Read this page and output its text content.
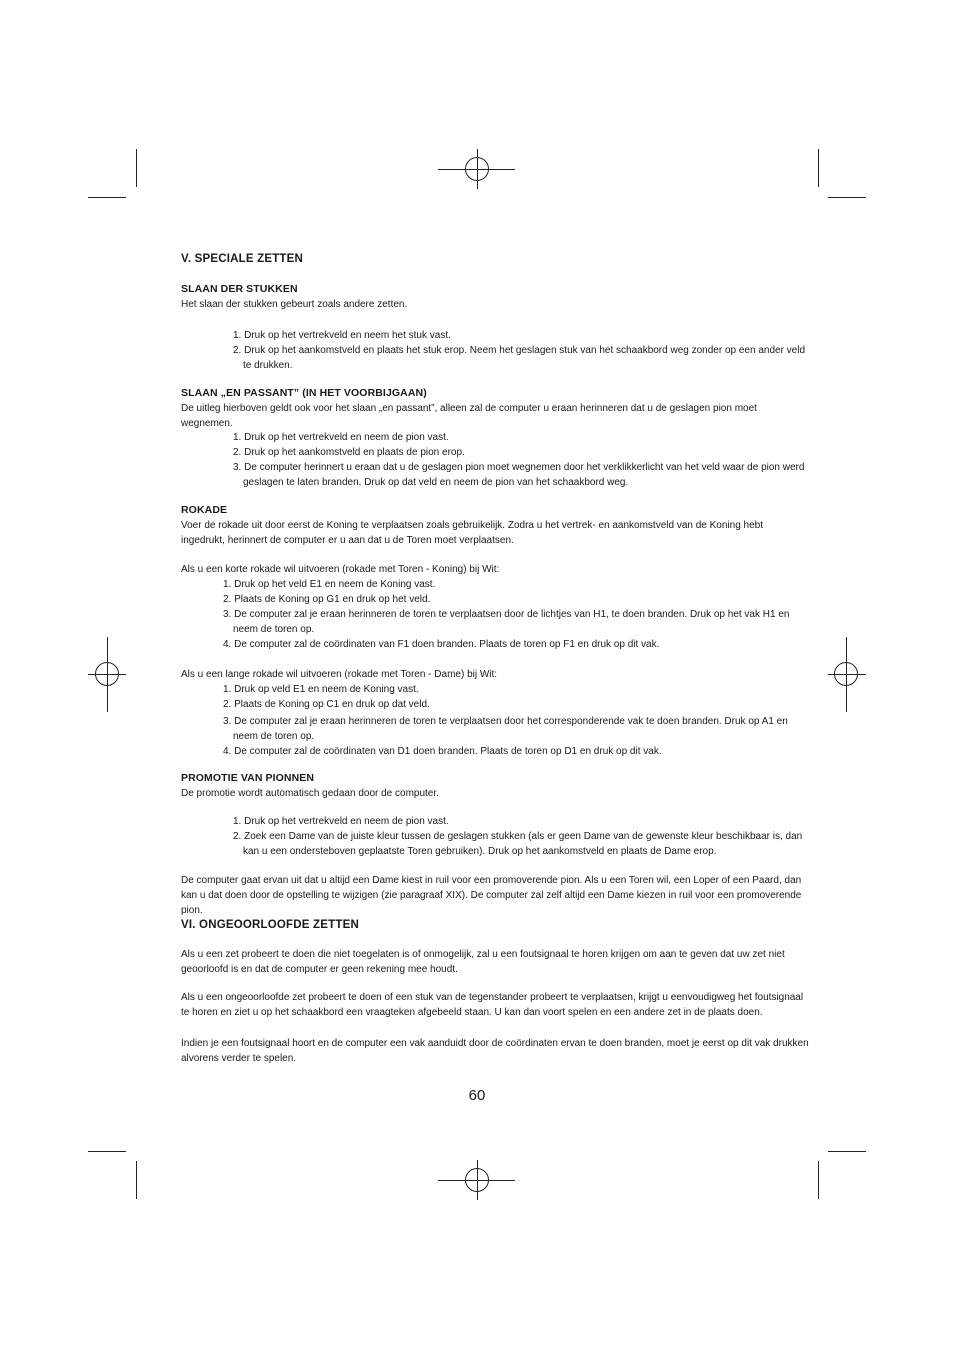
V. SPECIALE ZETTEN
SLAAN DER STUKKEN

Het slaan der stukken gebeurt zoals andere zetten.

1. Druk op het vertrekveld en neem het stuk vast.
2. Druk op het aankomstveld en plaats het stuk erop. Neem het geslagen stuk van het schaakbord weg zonder op een ander veld te drukken.
SLAAN „EN PASSANT” (IN HET VOORBIJGAAN)

De uitleg hierboven geldt ook voor het slaan „en passant”, alleen zal de computer u eraan herinneren dat u de geslagen pion moet wegnemen.

1. Druk op het vertrekveld en neem de pion vast.
2. Druk op het aankomstveld en plaats de pion erop.
3. De computer herinnert u eraan dat u de geslagen pion moet wegnemen door het verklikkerlicht van het veld waar de pion werd geslagen te laten branden. Druk op dat veld en neem de pion van het schaakbord weg.
ROKADE

Voer de rokade uit door eerst de Koning te verplaatsen zoals gebruikelijk. Zodra u het vertrek- en aankomstveld van de Koning hebt ingedrukt, herinnert de computer er u aan dat u de Toren moet verplaatsen.

Als u een korte rokade wil uitvoeren (rokade met Toren - Koning) bij Wit:

1. Druk op het veld E1 en neem de Koning vast.
2. Plaats de Koning op G1 en druk op het veld.
3. De computer zal je eraan herinneren de toren te verplaatsen door de lichtjes van H1, te doen branden. Druk op het vak H1 en neem de toren op.
4. De computer zal de coördinaten van F1 doen branden. Plaats de toren op F1 en druk op dit vak.

Als u een lange rokade wil uitvoeren (rokade met Toren - Dame) bij Wit:

1. Druk op veld E1 en neem de Koning vast.
2. Plaats de Koning op C1 en druk op dat veld.
3. De computer zal je eraan herinneren de toren te verplaatsen door het corresponderende vak te doen branden. Druk op A1 en neem de toren op.
4. De computer zal de coördinaten van D1 doen branden. Plaats de toren op D1 en druk op dit vak.
PROMOTIE VAN PIONNEN

De promotie wordt automatisch gedaan door de computer.

1. Druk op het vertrekveld en neem de pion vast.
2. Zoek een Dame van de juiste kleur tussen de geslagen stukken (als er geen Dame van de gewenste kleur beschikbaar is, dan kan u een ondersteboven geplaatste Toren gebruiken). Druk op het aankomstveld en plaats de Dame erop.

De computer gaat ervan uit dat u altijd een Dame kiest in ruil voor een promoverende pion. Als u een Toren wil, een Loper of een Paard, dan kan u dat doen door de opstelling te wijzigen (zie paragraaf XIX). De computer zal zelf altijd een Dame kiezen in ruil voor een promoverende pion.

VI. ONGEOORLOOFDE ZETTEN

Als u een zet probeert te doen die niet toegelaten is of onmogelijk, zal u een foutsignaal te horen krijgen om aan te geven dat uw zet niet geoorloofd is en dat de computer er geen rekening mee houdt.

Als u een ongeoorloofde zet probeert te doen of een stuk van de tegenstander probeert te verplaatsen, krijgt u eenvoudigweg het foutsignaal te horen en ziet u op het schaakbord een vraagteken afgebeeld staan. U kan dan voort spelen en een andere zet in de plaats doen.

Indien je een foutsignaal hoort en de computer een vak aanduidt door de coördinaten ervan te doen branden, moet je eerst op dit vak drukken alvorens verder te spelen.

60
